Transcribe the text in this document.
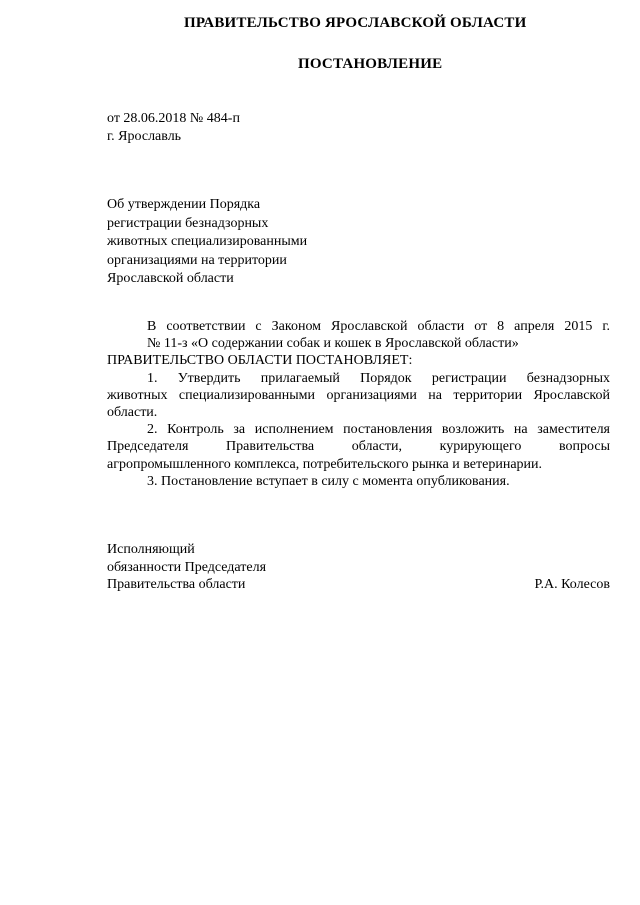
ПРАВИТЕЛЬСТВО ЯРОСЛАВСКОЙ ОБЛАСТИ
ПОСТАНОВЛЕНИЕ
от 28.06.2018 № 484-п
г. Ярославль
Об утверждении Порядка
регистрации безнадзорных
животных специализированными
организациями на территории
Ярославской области
В соответствии с Законом Ярославской области от 8 апреля 2015 г.
№ 11-з «О содержании собак и кошек в Ярославской области»
ПРАВИТЕЛЬСТВО ОБЛАСТИ ПОСТАНОВЛЯЕТ:
1. Утвердить прилагаемый Порядок регистрации безнадзорных
животных специализированными организациями на территории Ярославской
области.
2. Контроль за исполнением постановления возложить на заместителя
Председателя Правительства области, курирующего вопросы
агропромышленного комплекса, потребительского рынка и ветеринарии.
3. Постановление вступает в силу с момента опубликования.
Исполняющий
обязанности Председателя
Правительства области	Р.А. Колесов
